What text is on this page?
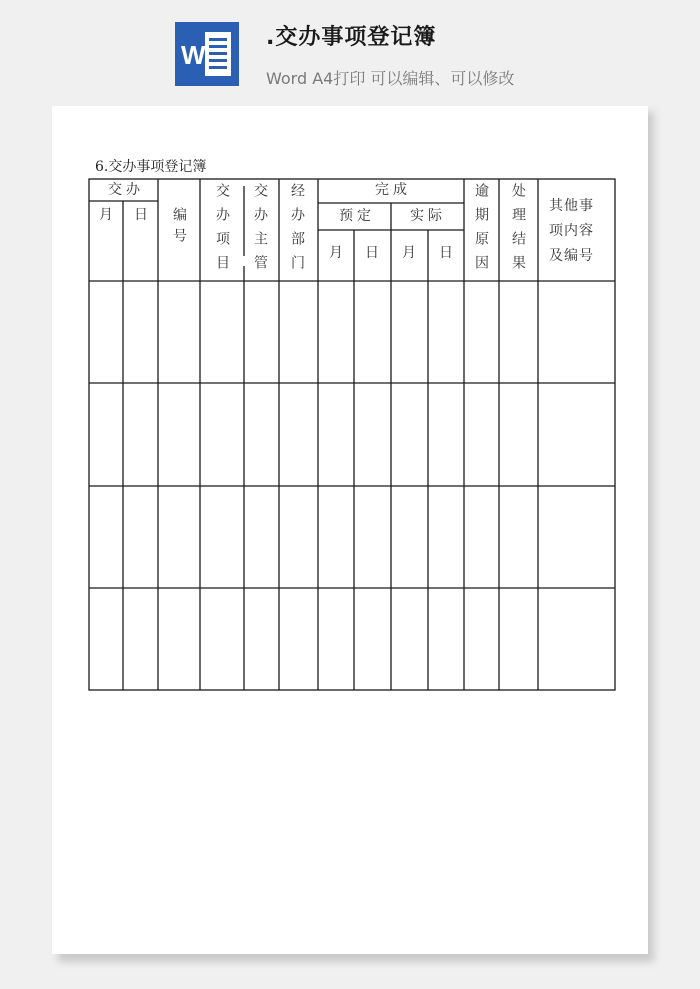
W
.交办事项登记簿
Word A4打印 可以编辑、可以修改
6.交办事项登记簿
交办
月 日 编号 交办项目 交办主管 经办部门	完成
预定	实际
月 日 月 日 逾期原因 处理结果 其他事项内容及编号
